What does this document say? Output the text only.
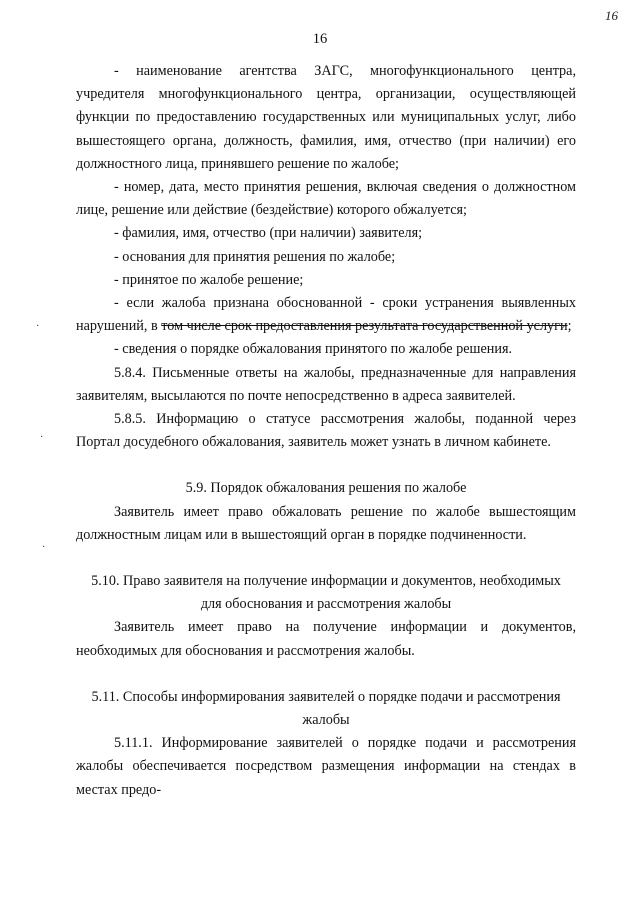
16
16
·
·
·

- наименование агентства ЗАГС, многофункционального центра, учредителя многофункционального центра, организации, осуществляющей функции по предоставлению государственных или муниципальных услуг, либо вышестоящего органа, должность, фамилия, имя, отчество (при наличии) его должностного лица, принявшего решение по жалобе;

- номер, дата, место принятия решения, включая сведения о должностном лице, решение или действие (бездействие) которого обжалуется;

- фамилия, имя, отчество (при наличии) заявителя;

- основания для принятия решения по жалобе;

- принятое по жалобе решение;

- если жалоба признана обоснованной - сроки устранения выявленных нарушений, в том числе срок предоставления результата государственной услуги;

- сведения о порядке обжалования принятого по жалобе решения.

5.8.4. Письменные ответы на жалобы, предназначенные для направления заявителям, высылаются по почте непосредственно в адреса заявителей.

5.8.5. Информацию о статусе рассмотрения жалобы, поданной через Портал досудебного обжалования, заявитель может узнать в личном кабинете.

5.9. Порядок обжалования решения по жалобе

Заявитель имеет право обжаловать решение по жалобе вышестоящим должностным лицам или в вышестоящий орган в порядке подчиненности.

5.10. Право заявителя на получение информации и документов, необходимых для обоснования и рассмотрения жалобы

Заявитель имеет право на получение информации и документов, необходимых для обоснования и рассмотрения жалобы.

5.11. Способы информирования заявителей о порядке подачи и рассмотрения жалобы

5.11.1. Информирование заявителей о порядке подачи и рассмотрения жалобы обеспечивается посредством размещения информации на стендах в местах предо-
